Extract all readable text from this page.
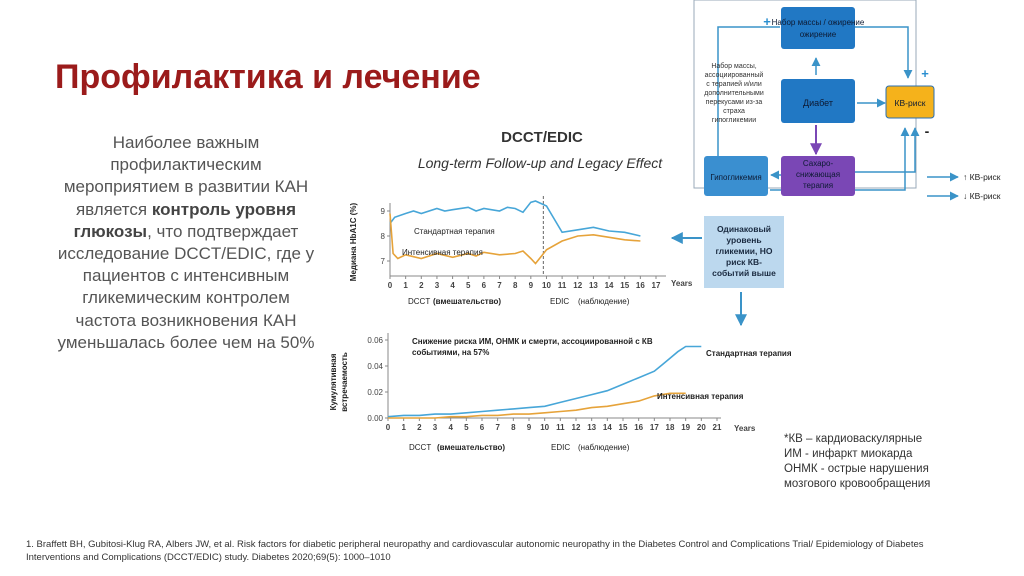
Профилактика и лечение
Наиболее важным профилактическим мероприятием в развитии КАН является контроль уровня глюкозы, что подтверждает исследование DCCT/EDIC, где у пациентов с интенсивным гликемическим контролем частота возникновения КАН уменьшалась более чем на 50%
DCCT/EDIC
Long-term Follow-up and Legacy Effect
Набор массы / ожирение
ожирение
Диабет
Гипогликемия
Сахаро-
снижающая
терапия
КВ-риск
Набор массы,
ассоциированный
с терапией и/или
дополнительными
перекусами из-за
страха
гипогликемии
+
+
-
↑ КВ-риск
↓ КВ-риск
Одинаковый
уровень
гликемии, НО
риск КВ-
событий выше
7
8
9
0 1 2 3 4 5 6 7 8 9 10 11 12 13 14 15 16 17
Медиана HbA1C (%)
Years
Стандартная терапия
Интенсивная терапия
DCCT (вмешательство)	EDIC (наблюдение)
0.00
0.02
0.04
0.06
0 1 2 3 4 5 6 7 8 9 10 11 12 13 14 15 16 17 18 19 20 21
Кумулятивная встречаемость
Years
Снижение риска ИМ, ОНМК и смерти, ассоциированной с КВ
событиями, на 57%	Стандартная терапия
Интенсивная терапия
DCCT (вмешательство)	EDIC (наблюдение)
*КВ – кардиоваскулярные
ИМ - инфаркт миокарда
ОНМК - острые нарушения
мозгового кровообращения
1. Braffett BH, Gubitosi-Klug RA, Albers JW, et al. Risk factors for diabetic peripheral neuropathy and cardiovascular autonomic neuropathy in the Diabetes Control and Complications Trial/ Epidemiology of Diabetes Interventions and Complications (DCCT/EDIC) study. Diabetes 2020;69(5): 1000–1010
